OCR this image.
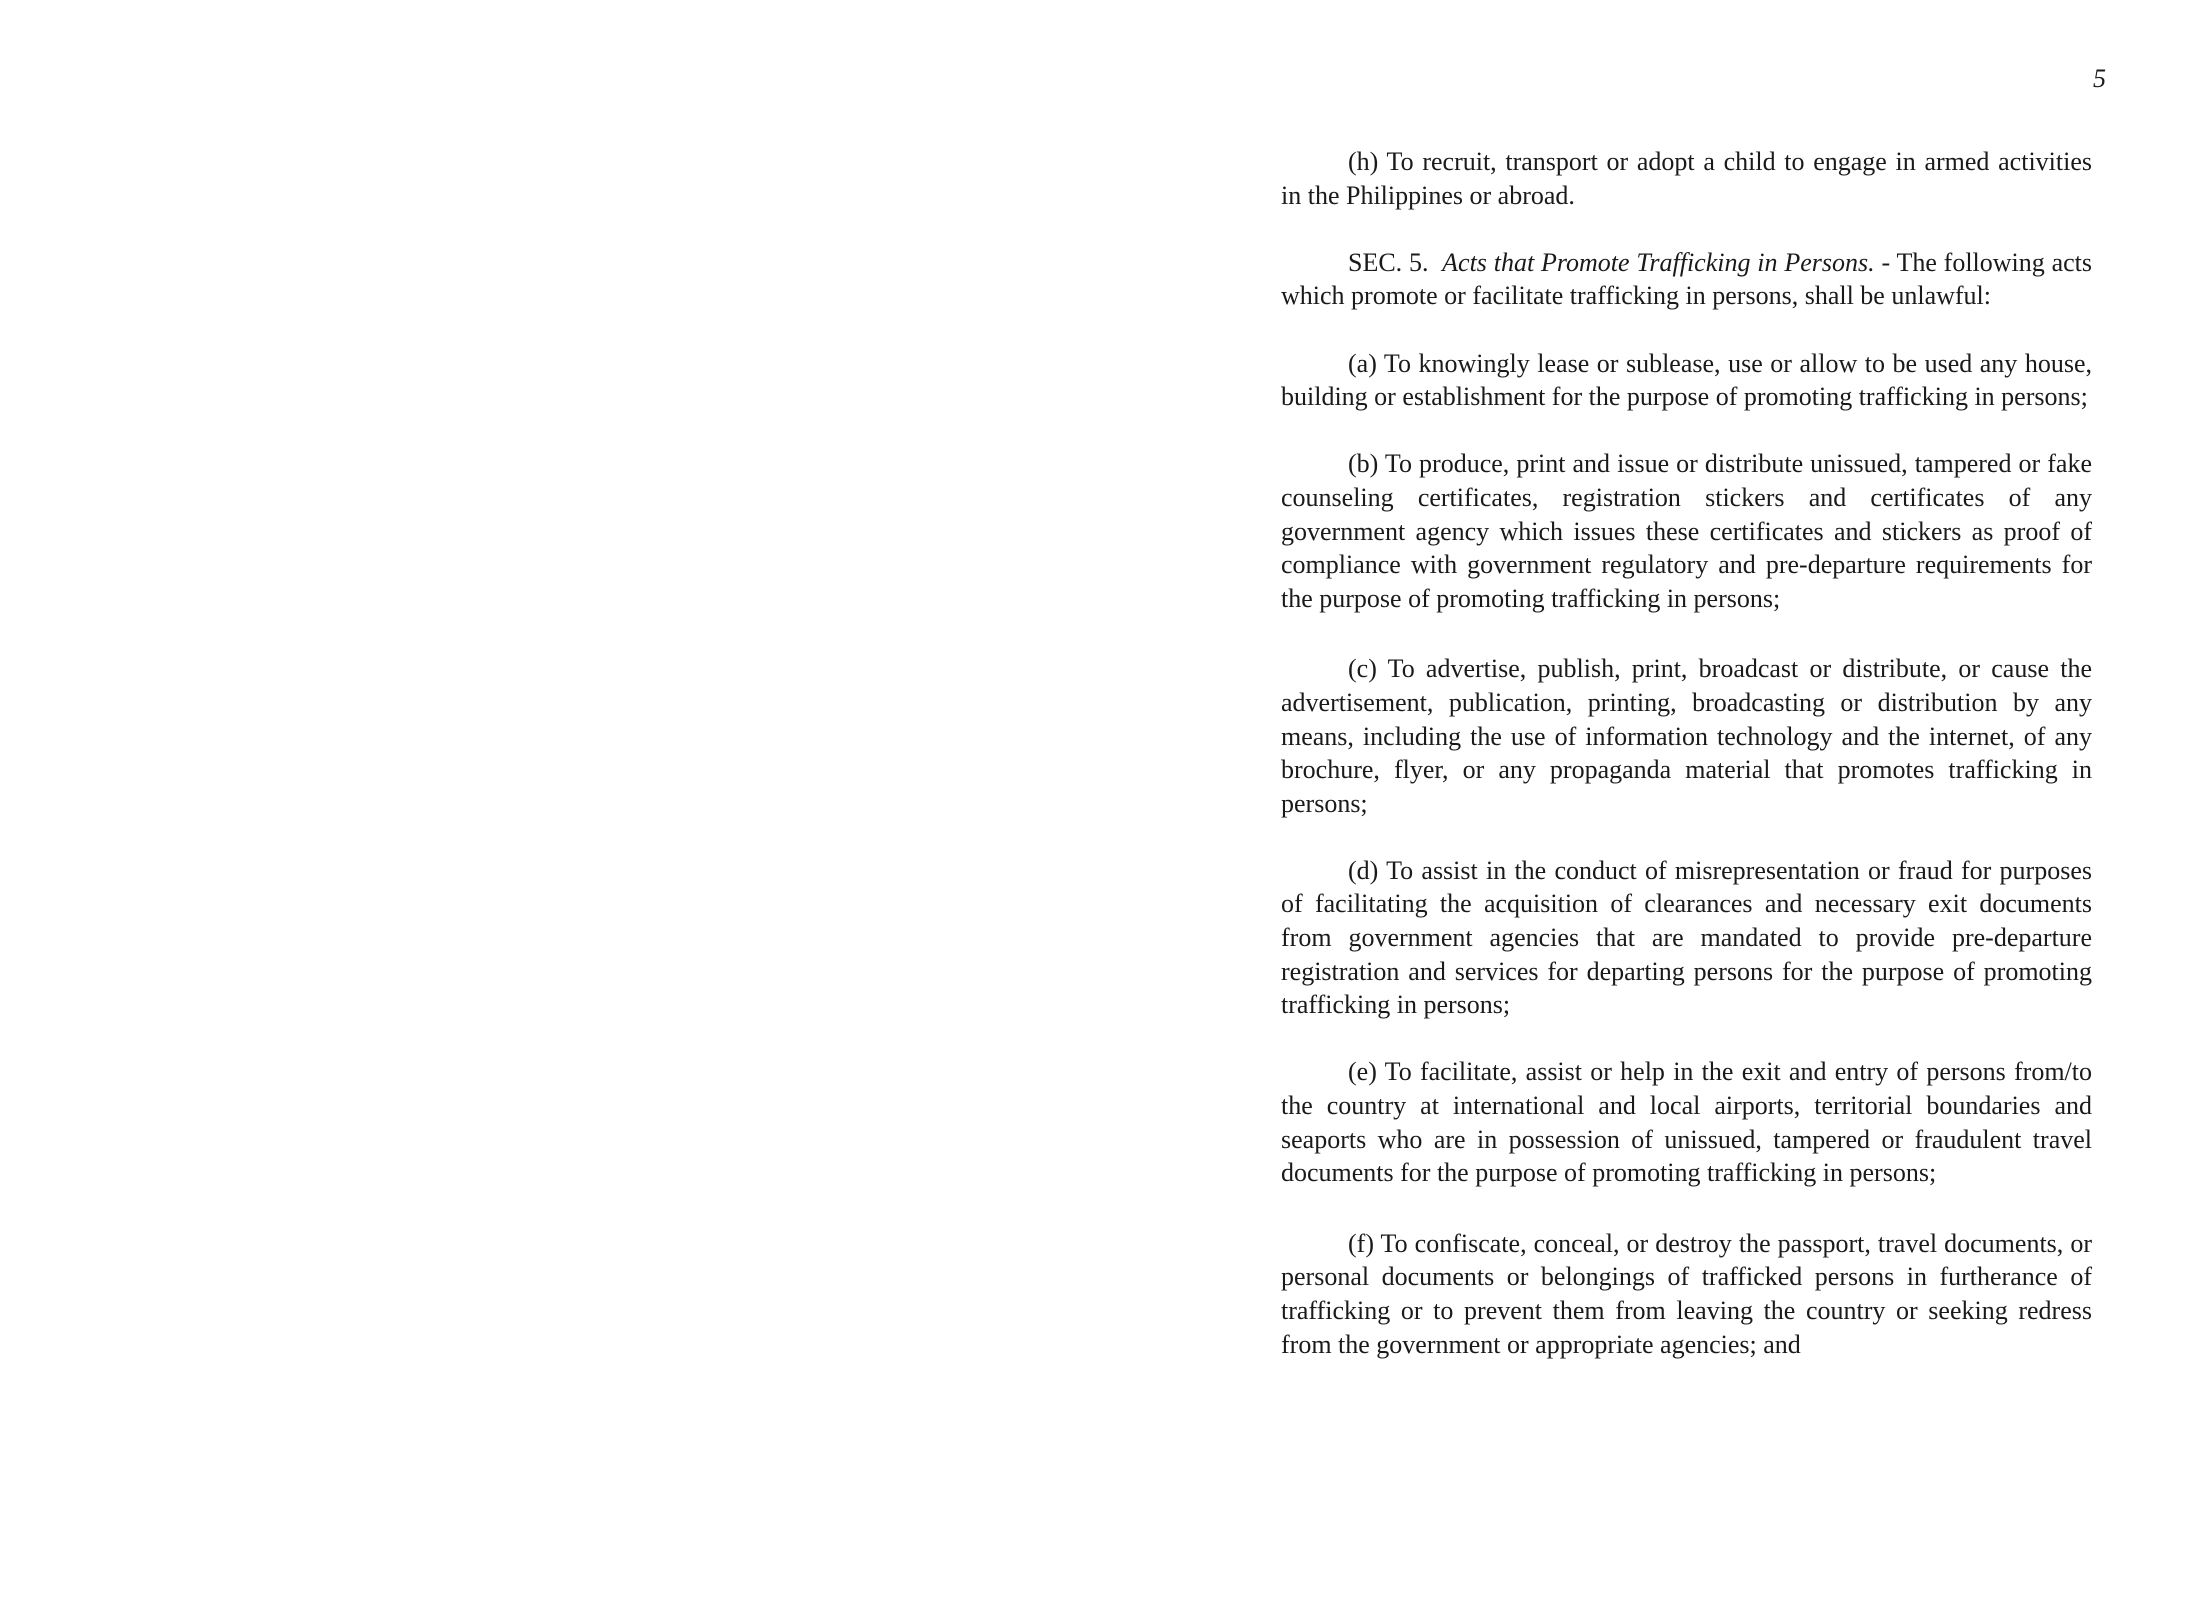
5

(h) To recruit, transport or adopt a child to engage in armed activities in the Philippines or abroad.

SEC. 5. Acts that Promote Trafficking in Persons. - The following acts which promote or facilitate trafficking in persons, shall be unlawful:

(a) To knowingly lease or sublease, use or allow to be used any house, building or establishment for the purpose of promoting trafficking in persons;

(b) To produce, print and issue or distribute unissued, tampered or fake counseling certificates, registration stickers and certificates of any government agency which issues these certificates and stickers as proof of compliance with government regulatory and pre-departure requirements for the purpose of promoting trafficking in persons;

(c) To advertise, publish, print, broadcast or distribute, or cause the advertisement, publication, printing, broadcasting or distribution by any means, including the use of information technology and the internet, of any brochure, flyer, or any propaganda material that promotes trafficking in persons;

(d) To assist in the conduct of misrepresentation or fraud for purposes of facilitating the acquisition of clearances and necessary exit documents from government agencies that are mandated to provide pre-departure registration and services for departing persons for the purpose of promoting trafficking in persons;

(e) To facilitate, assist or help in the exit and entry of persons from/to the country at international and local airports, territorial boundaries and seaports who are in possession of unissued, tampered or fraudulent travel documents for the purpose of promoting trafficking in persons;

(f) To confiscate, conceal, or destroy the passport, travel documents, or personal documents or belongings of trafficked persons in furtherance of trafficking or to prevent them from leaving the country or seeking redress from the government or appropriate agencies; and
